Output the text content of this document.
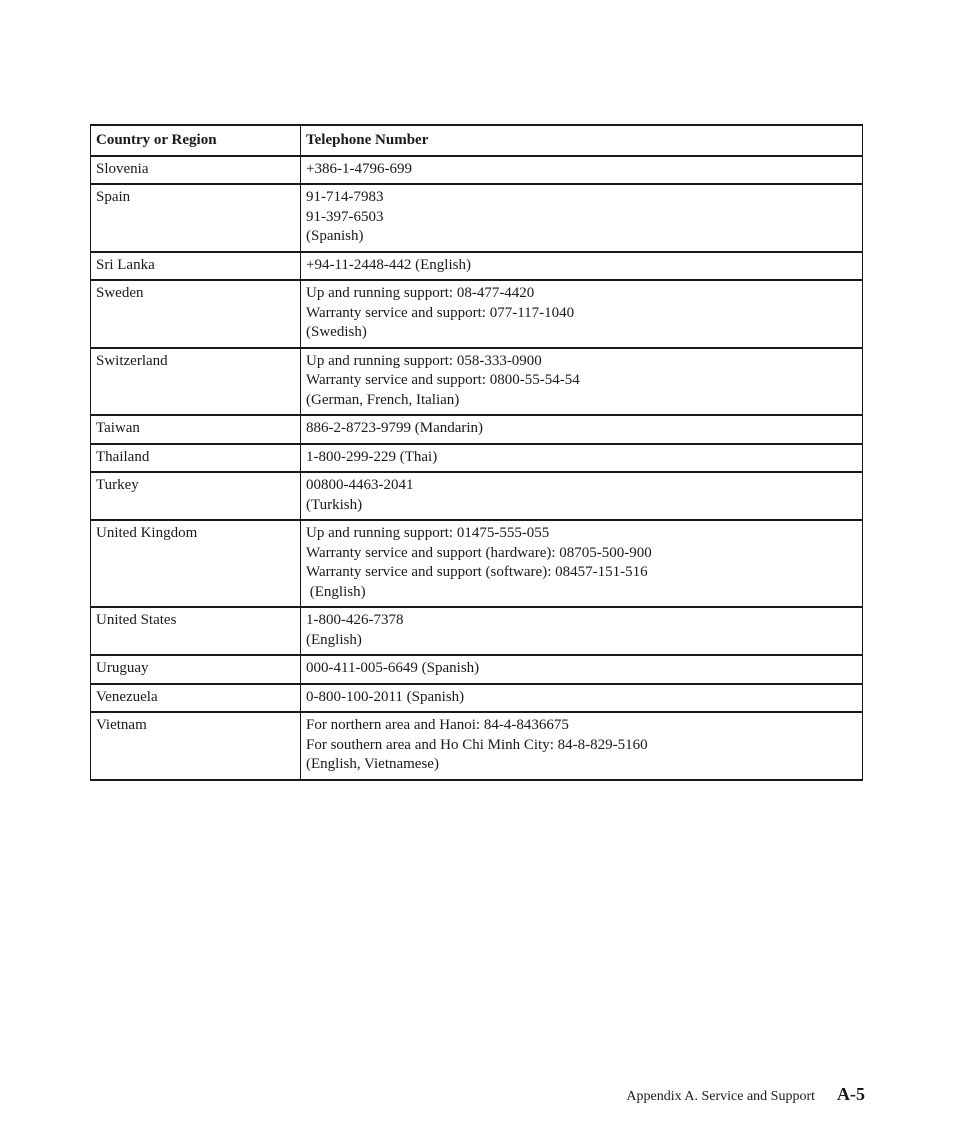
Country or Region	Telephone Number
Slovenia	+386-1-4796-699

Spain	91-714-7983
91-397-6503
(Spanish)

Sri Lanka	+94-11-2448-442 (English)

Sweden	Up and running support: 08-477-4420
Warranty service and support: 077-117-1040
(Swedish)

Switzerland	Up and running support: 058-333-0900
Warranty service and support: 0800-55-54-54
(German, French, Italian)

Taiwan	886-2-8723-9799 (Mandarin)

Thailand	1-800-299-229 (Thai)

Turkey	00800-4463-2041
(Turkish)

United Kingdom	Up and running support: 01475-555-055
Warranty service and support (hardware): 08705-500-900
Warranty service and support (software): 08457-151-516
(English)

United States	1-800-426-7378
(English)

Uruguay	000-411-005-6649 (Spanish)

Venezuela	0-800-100-2011 (Spanish)

Vietnam	For northern area and Hanoi: 84-4-8436675
For southern area and Ho Chi Minh City: 84-8-829-5160
(English, Vietnamese)
Appendix A. Service and Support A-5
